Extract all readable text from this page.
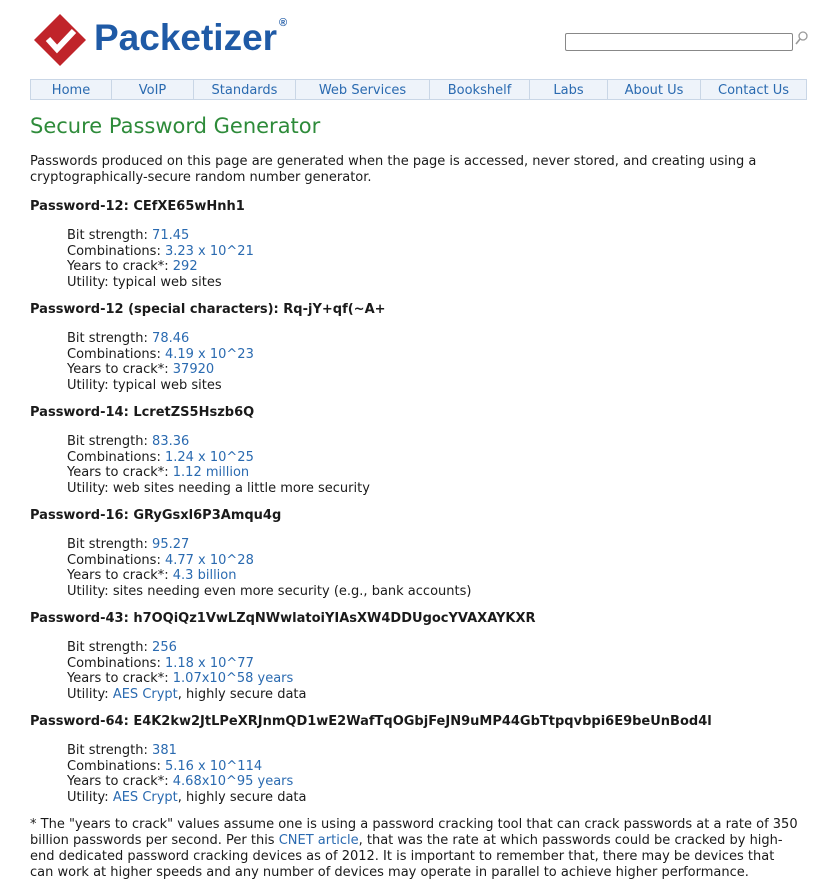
Packetizer ®
Home	VoIP	Standards	Web Services	Bookshelf	Labs	About Us	Contact Us
Secure Password Generator

Passwords produced on this page are generated when the page is accessed, never stored, and creating using a cryptographically-secure random number generator.

Password-12: CEfXE65wHnh1
Bit strength: 71.45
Combinations: 3.23 x 10^21
Years to crack*: 292
Utility: typical web sites
Password-12 (special characters): Rq-jY+qf(~A+
Bit strength: 78.46
Combinations: 4.19 x 10^23
Years to crack*: 37920
Utility: typical web sites
Password-14: LcretZS5Hszb6Q
Bit strength: 83.36
Combinations: 1.24 x 10^25
Years to crack*: 1.12 million
Utility: web sites needing a little more security
Password-16: GRyGsxl6P3Amqu4g
Bit strength: 95.27
Combinations: 4.77 x 10^28
Years to crack*: 4.3 billion
Utility: sites needing even more security (e.g., bank accounts)
Password-43: h7OQiQz1VwLZqNWwlatoiYIAsXW4DDUgocYVAXAYKXR
Bit strength: 256
Combinations: 1.18 x 10^77
Years to crack*: 1.07x10^58 years
Utility: AES Crypt, highly secure data
Password-64: E4K2kw2JtLPeXRJnmQD1wE2WafTqOGbjFeJN9uMP44GbTtpqvbpi6E9beUnBod4l
Bit strength: 381
Combinations: 5.16 x 10^114
Years to crack*: 4.68x10^95 years
Utility: AES Crypt, highly secure data

* The "years to crack" values assume one is using a password cracking tool that can crack passwords at a rate of 350 billion passwords per second. Per this CNET article, that was the rate at which passwords could be cracked by high-end dedicated password cracking devices as of 2012. It is important to remember that, there may be devices that can work at higher speeds and any number of devices may operate in parallel to achieve higher performance.
